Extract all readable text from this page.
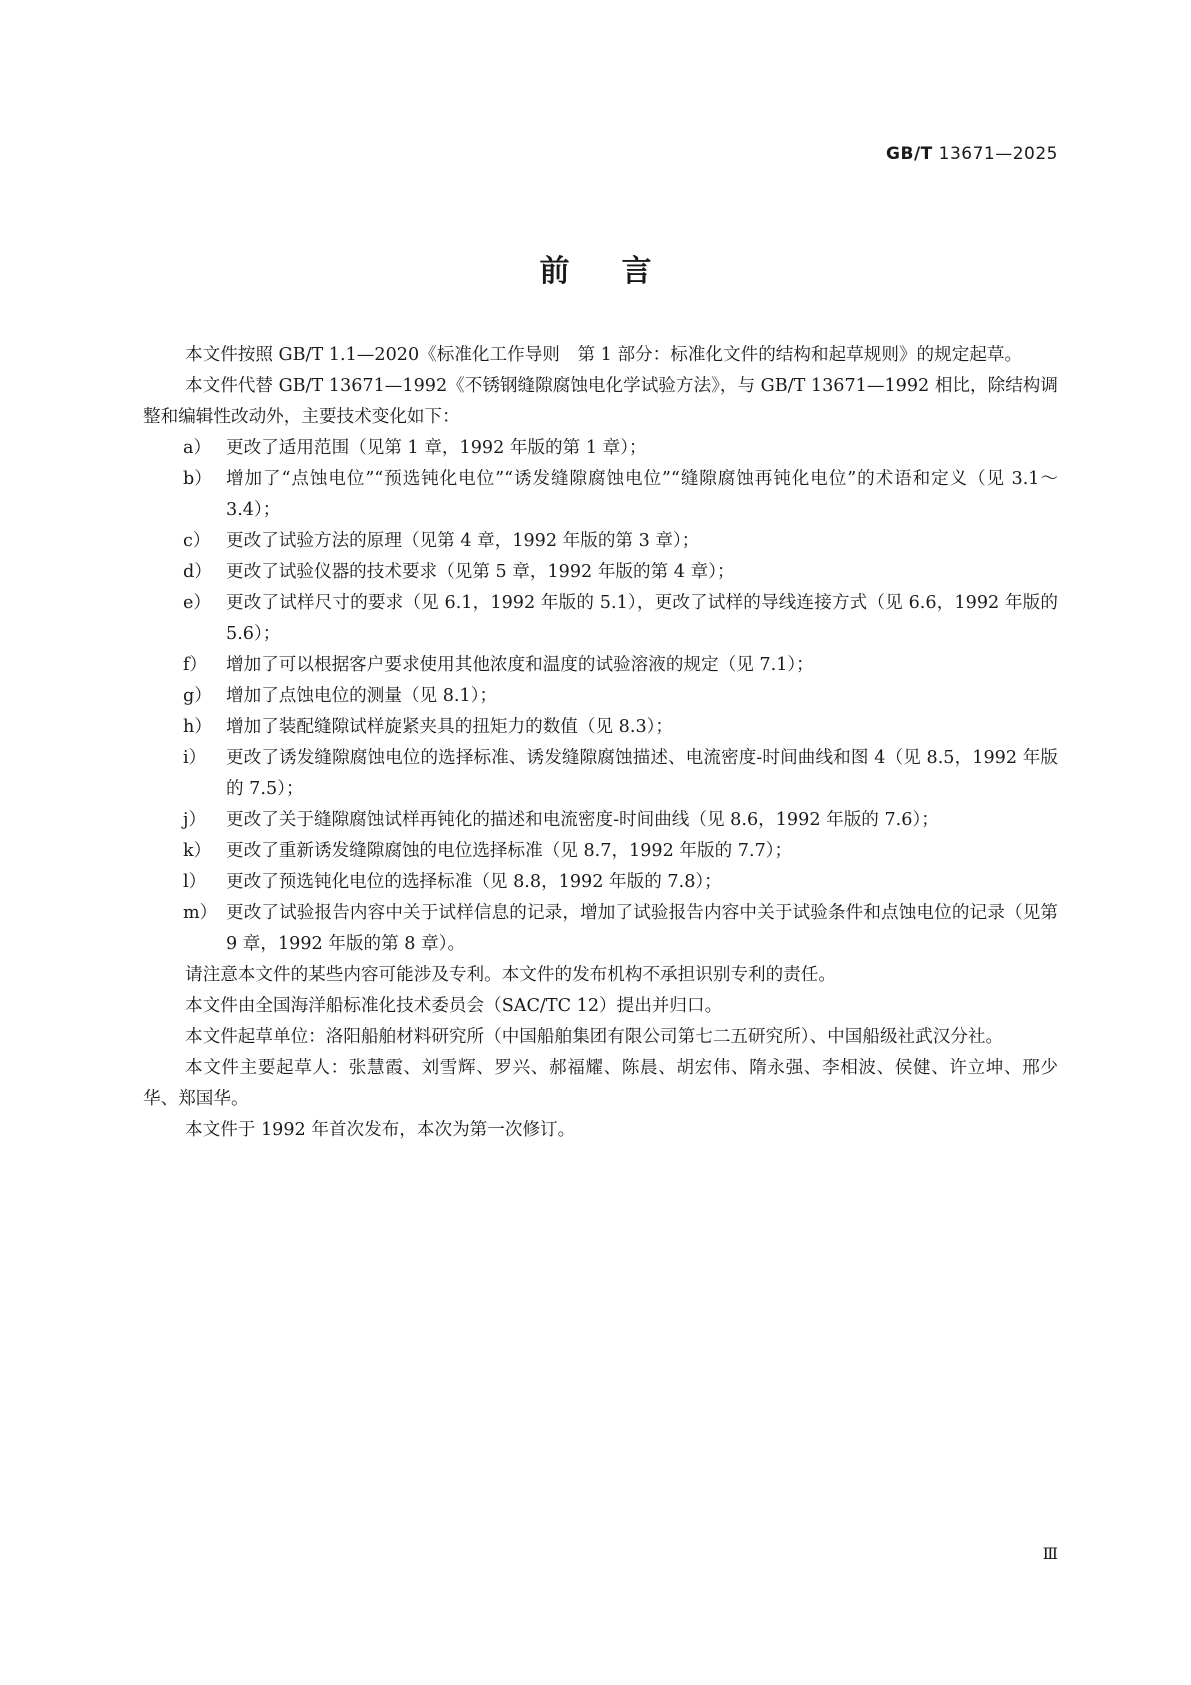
GB/T 13671—2025
前言

本文件按照 GB/T 1.1—2020《标准化工作导则　第 1 部分：标准化文件的结构和起草规则》的规定起草。

本文件代替 GB/T 13671—1992《不锈钢缝隙腐蚀电化学试验方法》，与 GB/T 13671—1992 相比，除结构调整和编辑性改动外，主要技术变化如下：

a） 更改了适用范围（见第 1 章，1992 年版的第 1 章）；
b） 增加了“点蚀电位”“预选钝化电位”“诱发缝隙腐蚀电位”“缝隙腐蚀再钝化电位”的术语和定义（见 3.1～3.4）；
c） 更改了试验方法的原理（见第 4 章，1992 年版的第 3 章）；
d） 更改了试验仪器的技术要求（见第 5 章，1992 年版的第 4 章）；
e） 更改了试样尺寸的要求（见 6.1，1992 年版的 5.1），更改了试样的导线连接方式（见 6.6，1992 年版的 5.6）；
f）	增加了可以根据客户要求使用其他浓度和温度的试验溶液的规定（见 7.1）；
g） 增加了点蚀电位的测量（见 8.1）；
h） 增加了装配缝隙试样旋紧夹具的扭矩力的数值（见 8.3）；
i）	更改了诱发缝隙腐蚀电位的选择标准、诱发缝隙腐蚀描述、电流密度-时间曲线和图 4（见 8.5，1992 年版的 7.5）；
j）	更改了关于缝隙腐蚀试样再钝化的描述和电流密度-时间曲线（见 8.6，1992 年版的 7.6）；
k） 更改了重新诱发缝隙腐蚀的电位选择标准（见 8.7，1992 年版的 7.7）；
l）	更改了预选钝化电位的选择标准（见 8.8，1992 年版的 7.8）；
m） 更改了试验报告内容中关于试样信息的记录，增加了试验报告内容中关于试验条件和点蚀电位的记录（见第 9 章，1992 年版的第 8 章）。

请注意本文件的某些内容可能涉及专利。本文件的发布机构不承担识别专利的责任。

本文件由全国海洋船标准化技术委员会（SAC/TC 12）提出并归口。

本文件起草单位：洛阳船舶材料研究所（中国船舶集团有限公司第七二五研究所）、中国船级社武汉分社。

本文件主要起草人：张慧霞、刘雪辉、罗兴、郝福耀、陈晨、胡宏伟、隋永强、李相波、侯健、许立坤、邢少华、郑国华。

本文件于 1992 年首次发布，本次为第一次修订。

Ⅲ
